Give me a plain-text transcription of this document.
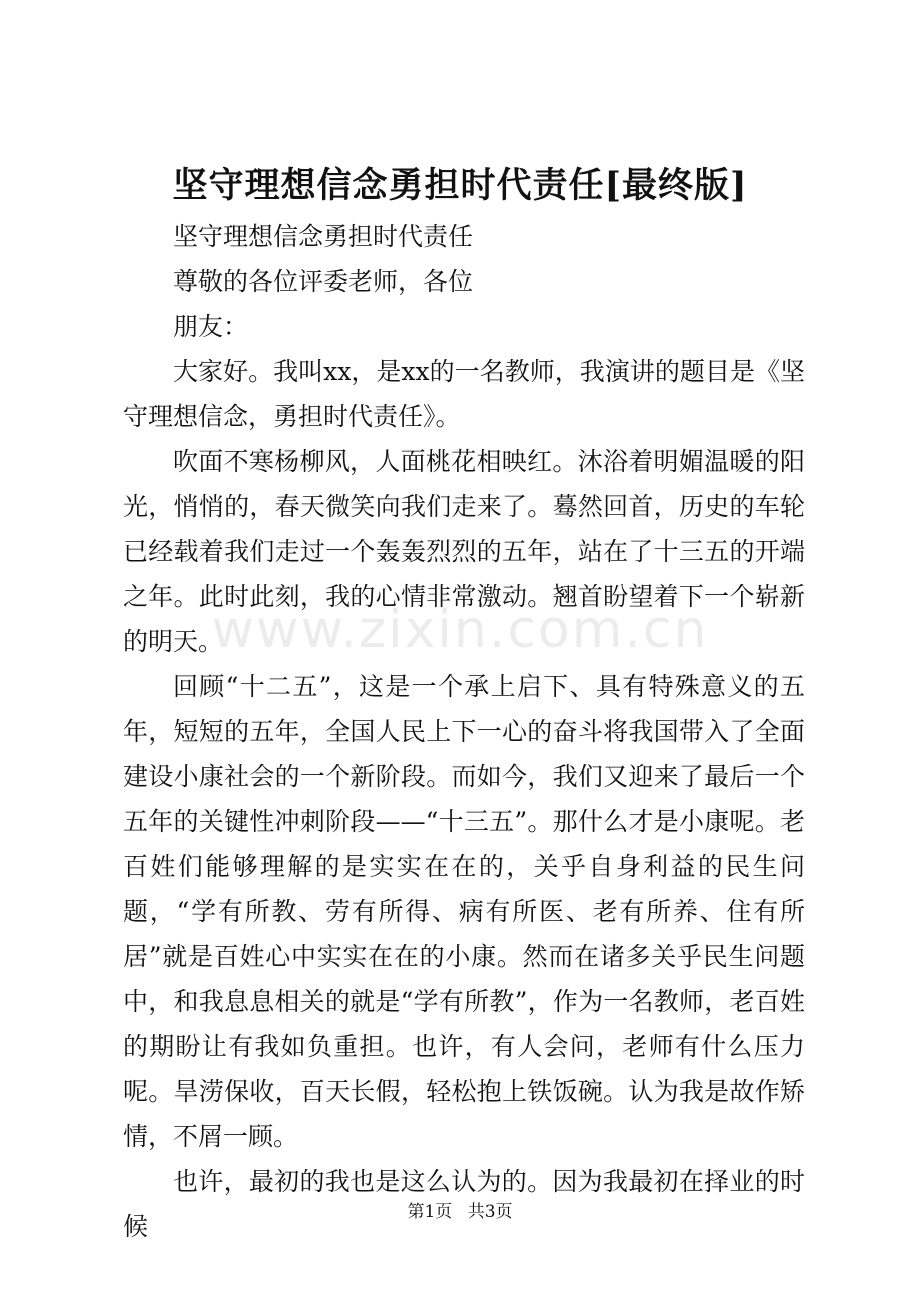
坚守理想信念勇担时代责任[最终版]

坚守理想信念勇担时代责任

尊敬的各位评委老师，各位

朋友：

大家好。我叫xx，是xx的一名教师，我演讲的题目是《坚守理想信念，勇担时代责任》。

吹面不寒杨柳风，人面桃花相映红。沐浴着明媚温暖的阳光，悄悄的，春天微笑向我们走来了。蓦然回首，历史的车轮已经载着我们走过一个轰轰烈烈的五年，站在了十三五的开端之年。此时此刻，我的心情非常激动。翘首盼望着下一个崭新的明天。

回顾“十二五”，这是一个承上启下、具有特殊意义的五年，短短的五年，全国人民上下一心的奋斗将我国带入了全面建设小康社会的一个新阶段。而如今，我们又迎来了最后一个五年的关键性冲刺阶段——“十三五”。那什么才是小康呢。老百姓们能够理解的是实实在在的，关乎自身利益的民生问题，“学有所教、劳有所得、病有所医、老有所养、住有所居”就是百姓心中实实在在的小康。然而在诸多关乎民生问题中，和我息息相关的就是“学有所教”，作为一名教师，老百姓的期盼让有我如负重担。也许，有人会问，老师有什么压力呢。旱涝保收，百天长假，轻松抱上铁饭碗。认为我是故作矫情，不屑一顾。

也许，最初的我也是这么认为的。因为我最初在择业的时候

www.zixin.com.cn
第1页 共3页
